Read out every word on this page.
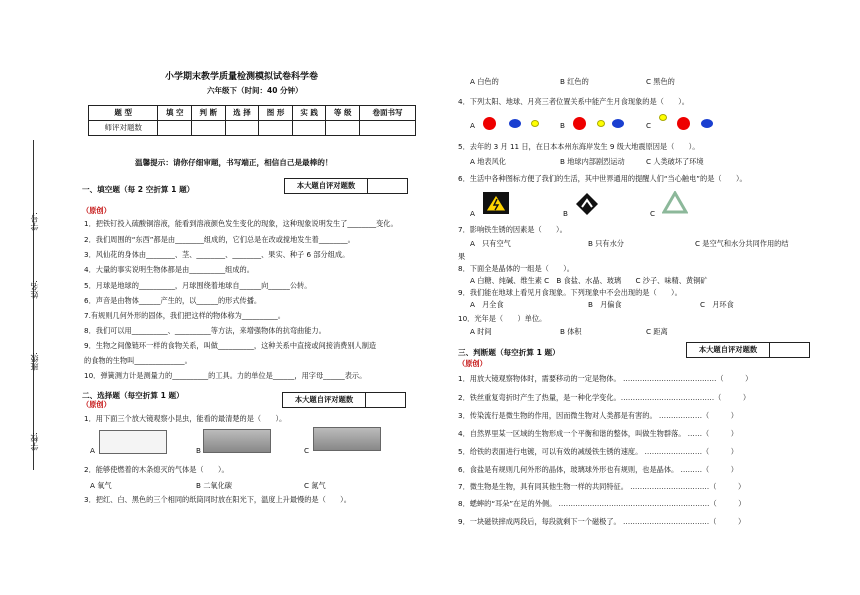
学号:
姓名:
班级:
学校:
小学期末教学质量检测模拟试卷科学卷
六年级下（时间：40 分钟）
题 型	填 空	判 断	选 择	图 形	实 践	等 级	卷面书写
师评对题数							
温馨提示：请你仔细审题，书写端正，相信自己是最棒的！
一、填空题（每 2 空折算 1 题）	本大题自评对题数
（原创）
1．把铁钉投入硫酸铜溶液，能看到溶液颜色发生变化的现象，这种现象说明发生了________变化。
2．我们周围的“东西”都是由________组成的，它们总是在改或搅地发生着________。
3．风仙花的身体由________、茎、________、________、果实、种子 6 部分组成。
4．大量的事实说明生物体都是由__________组成的。
5．月球是地球的__________，月球围绕着地球自______向______公转。
6．声音是由物体______产生的，以______的形式传播。
7.有规则几何外形的固体，我们把这样的物体称为__________。
8．我们可以用__________、__________等方法，来增强物体的抗弯曲能力。
9．生物之间像链环一样的食物关系，叫做__________，这种关系中直接或间接消费别人制造
的食物的生物叫______________。
10．弹簧测力计是测量力的__________的工具。力的单位是______，用字母______表示。
二、选择题（每空折算 1 题）	本大题自评对题数
（原创）
1．用下面三个放大镜观察小昆虫，能看的最清楚的是（　　）。
A	B	C
2．能够使燃着的木条熄灭的气体是（　　）。
A 氧气	B 二氧化碳	C 氮气
3．把红、白、黑色的三个相同的纸筒同时放在阳光下，温度上升最慢的是（　　）。
A 白色的	B 红色的	C 黑色的
4．下列太阳、地球、月亮三者位置关系中能产生月食现象的是（　　）。
A	B	C
5．去年的 3 月 11 日，在日本本州东海岸发生 9 级大地震原因是（　　）。
A 地表风化	B 地球内部剧烈运动	C 人类破坏了环境
6．生活中各种图标方便了我们的生活，其中世界通用的提醒人们“当心触电”的是（　　）。
A	B	C
7．影响铁生锈的因素是（　　）。
A　只有空气	B 只有水分	C 是空气和水分共同作用的结
果
8．下面全是晶体的一组是（　　）。
A 白糖、纯碱、维生素 C　B 食盐、水晶、玻璃　　C 沙子、味精、黄铜矿
9．我们能在地球上看见月食现象。下列现象中不会出现的是（　　）。
A　月全食	B　月偏食	C　月环食
10．光年是（　　）单位。
A 时间	B 体积	C 距离
本大题自评对题数
三、判断题（每空折算 1 题）
（原创）
1．用放大镜观察物体时，需要移动的一定是物体。 …………………………………（　　　）
2．铁丝重复弯折时产生了热量，是一种化学变化。…………………………………（　　　）
3．传染流行是微生物的作用，因而微生物对人类都是有害的。 ………………（　　　）
4．自然界里某一区域的生物形成一个平衡和谐的整体，叫做生物群落。 ……（　　　）
5．给铁的表面进行电镀，可以有效的减缓铁生锈的速度。 ……………………（　　　）
6．食盐是有规则几何外形的晶体，玻璃球外形也有规则，也是晶体。 ………（　　　）
7．微生物是生物，具有同其他生物一样的共同特征。 ……………………………（　　　）
8．蟋蟀的“耳朵”在足的外侧。 ………………………………………………………（　　　）
9．一块磁铁摔成两段后，每段就剩下一个磁极了。 ………………………………（　　　）
